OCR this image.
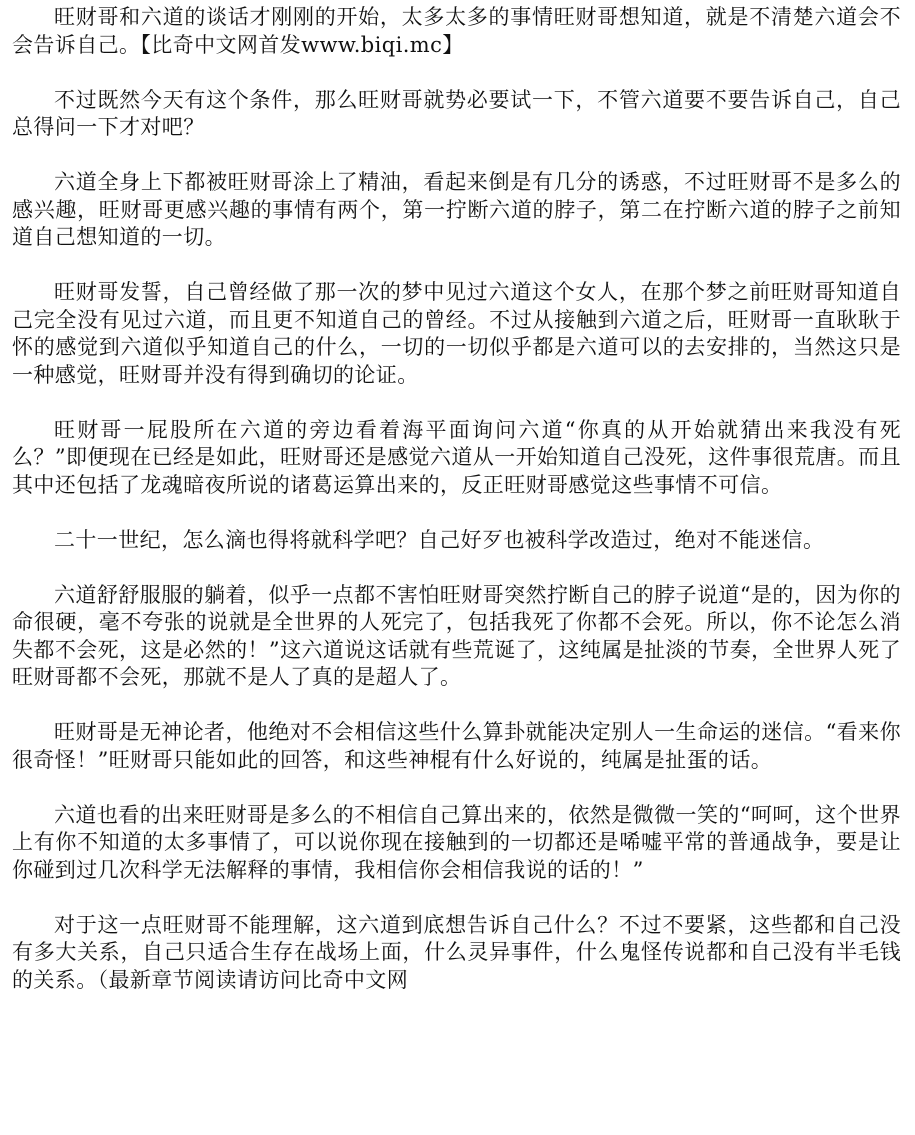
旺财哥和六道的谈话才刚刚的开始，太多太多的事情旺财哥想知道，就是不清楚六道会不会告诉自己。【比奇中文网首发www.biqi.mc】

不过既然今天有这个条件，那么旺财哥就势必要试一下，不管六道要不要告诉自己，自己总得问一下才对吧？

六道全身上下都被旺财哥涂上了精油，看起来倒是有几分的诱惑，不过旺财哥不是多么的感兴趣，旺财哥更感兴趣的事情有两个，第一拧断六道的脖子，第二在拧断六道的脖子之前知道自己想知道的一切。

旺财哥发誓，自己曾经做了那一次的梦中见过六道这个女人，在那个梦之前旺财哥知道自己完全没有见过六道，而且更不知道自己的曾经。不过从接触到六道之后，旺财哥一直耿耿于怀的感觉到六道似乎知道自己的什么，一切的一切似乎都是六道可以的去安排的，当然这只是一种感觉，旺财哥并没有得到确切的论证。

旺财哥一屁股所在六道的旁边看着海平面询问六道“你真的从开始就猜出来我没有死么？”即便现在已经是如此，旺财哥还是感觉六道从一开始知道自己没死，这件事很荒唐。而且其中还包括了龙魂暗夜所说的诸葛运算出来的，反正旺财哥感觉这些事情不可信。

二十一世纪，怎么滴也得将就科学吧？自己好歹也被科学改造过，绝对不能迷信。

六道舒舒服服的躺着，似乎一点都不害怕旺财哥突然拧断自己的脖子说道“是的，因为你的命很硬，毫不夸张的说就是全世界的人死完了，包括我死了你都不会死。所以，你不论怎么消失都不会死，这是必然的！”这六道说这话就有些荒诞了，这纯属是扯淡的节奏，全世界人死了旺财哥都不会死，那就不是人了真的是超人了。

旺财哥是无神论者，他绝对不会相信这些什么算卦就能决定别人一生命运的迷信。“看来你很奇怪！”旺财哥只能如此的回答，和这些神棍有什么好说的，纯属是扯蛋的话。

六道也看的出来旺财哥是多么的不相信自己算出来的，依然是微微一笑的“呵呵，这个世界上有你不知道的太多事情了，可以说你现在接触到的一切都还是唏嘘平常的普通战争，要是让你碰到过几次科学无法解释的事情，我相信你会相信我说的话的！”

对于这一点旺财哥不能理解，这六道到底想告诉自己什么？不过不要紧，这些都和自己没有多大关系，自己只适合生存在战场上面，什么灵异事件，什么鬼怪传说都和自己没有半毛钱的关系。（最新章节阅读请访问比奇中文网
